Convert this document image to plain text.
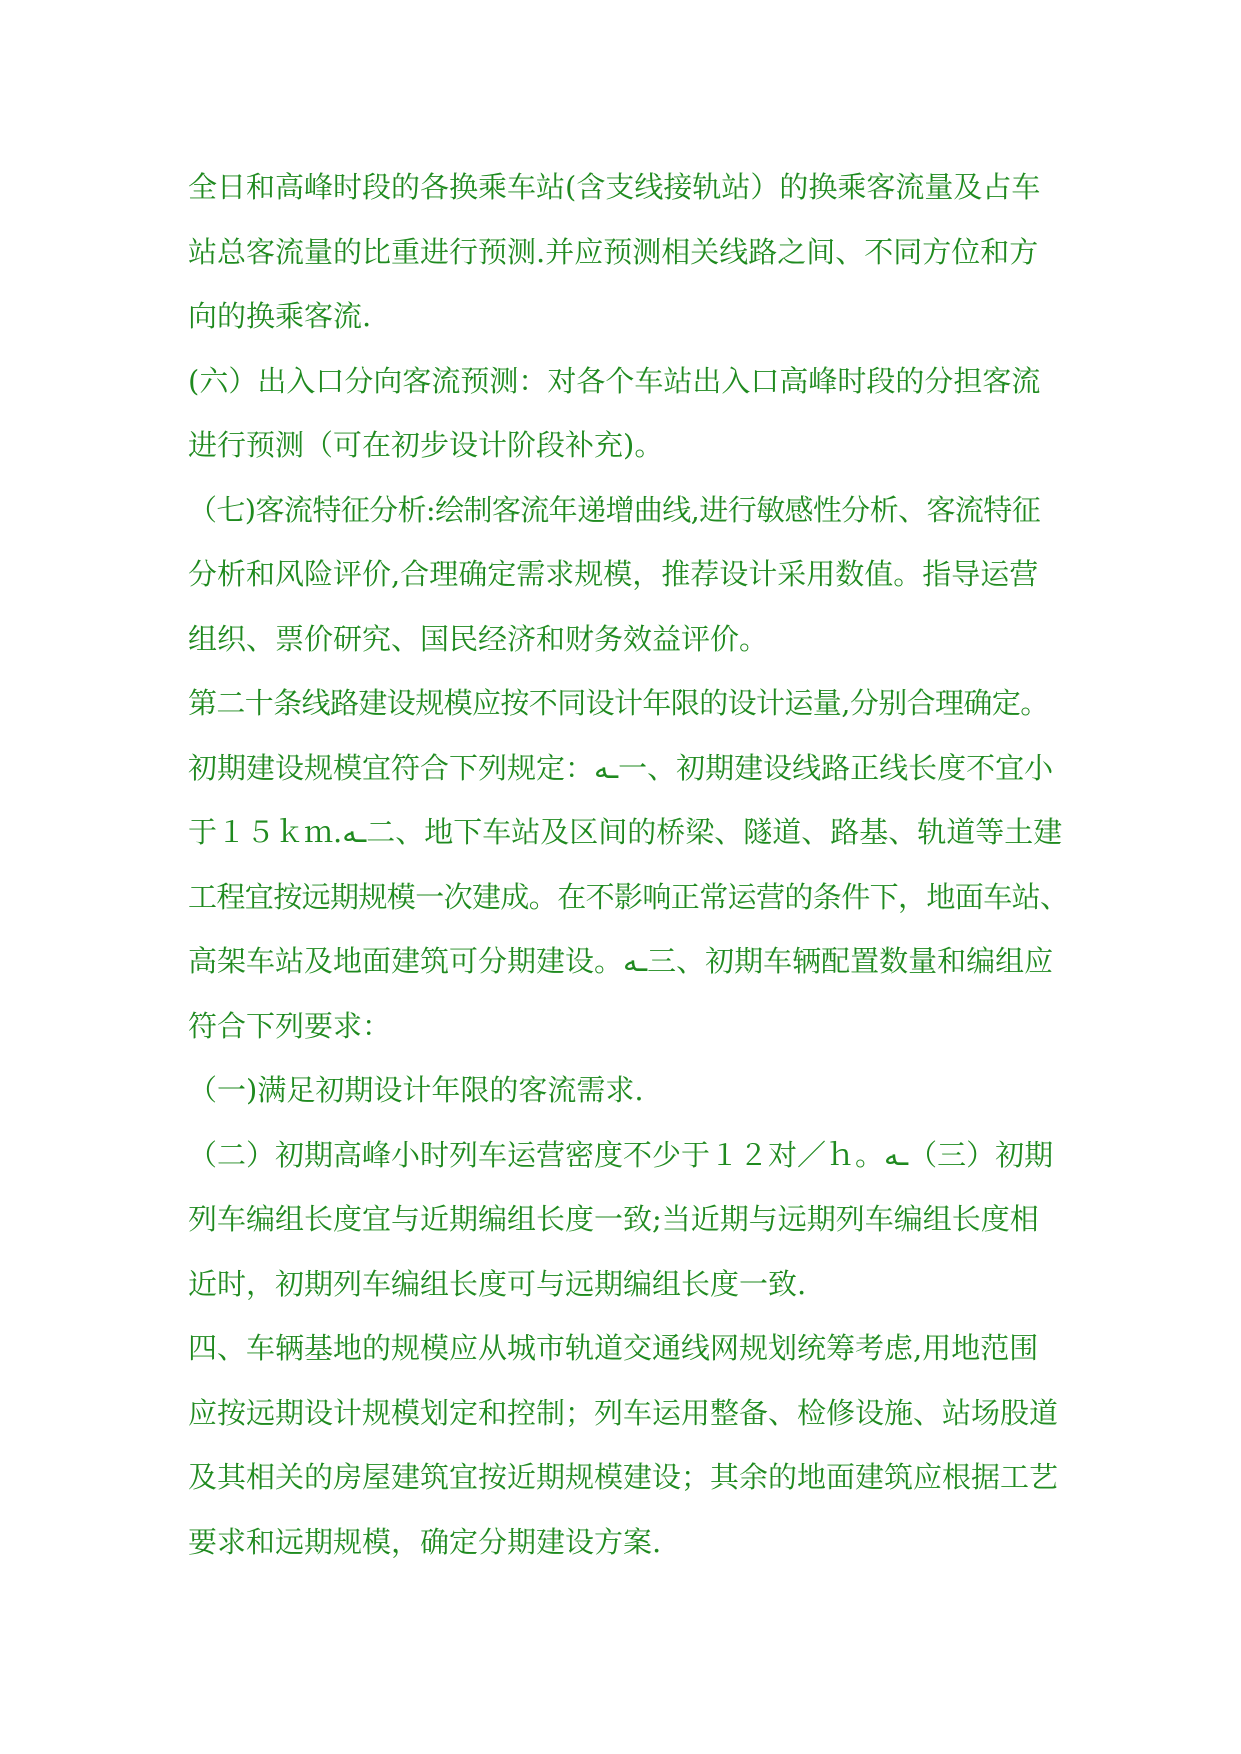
全日和高峰时段的各换乘车站(含支线接轨站）的换乘客流量及占车
站总客流量的比重进行预测.并应预测相关线路之间、不同方位和方
向的换乘客流.
(六）出入口分向客流预测：对各个车站出入口高峰时段的分担客流
进行预测（可在初步设计阶段补充)。
（七)客流特征分析:绘制客流年递增曲线,进行敏感性分析、客流特征
分析和风险评价,合理确定需求规模，推荐设计采用数值。指导运营
组织、票价研究、国民经济和财务效益评价。
第二十条线路建设规模应按不同设计年限的设计运量,分别合理确定。
初期建设规模宜符合下列规定：ـه一、初期建设线路正线长度不宜小
于１５ｋｍ.ـه二、地下车站及区间的桥梁、隧道、路基、轨道等土建
工程宜按远期规模一次建成。在不影响正常运营的条件下，地面车站、
高架车站及地面建筑可分期建设。ـه三、初期车辆配置数量和编组应
符合下列要求：
（一)满足初期设计年限的客流需求.
（二）初期高峰小时列车运营密度不少于１２对／ｈ。ـه（三）初期
列车编组长度宜与近期编组长度一致;当近期与远期列车编组长度相
近时，初期列车编组长度可与远期编组长度一致.
四、车辆基地的规模应从城市轨道交通线网规划统筹考虑,用地范围
应按远期设计规模划定和控制；列车运用整备、检修设施、站场股道
及其相关的房屋建筑宜按近期规模建设；其余的地面建筑应根据工艺
要求和远期规模，确定分期建设方案.
